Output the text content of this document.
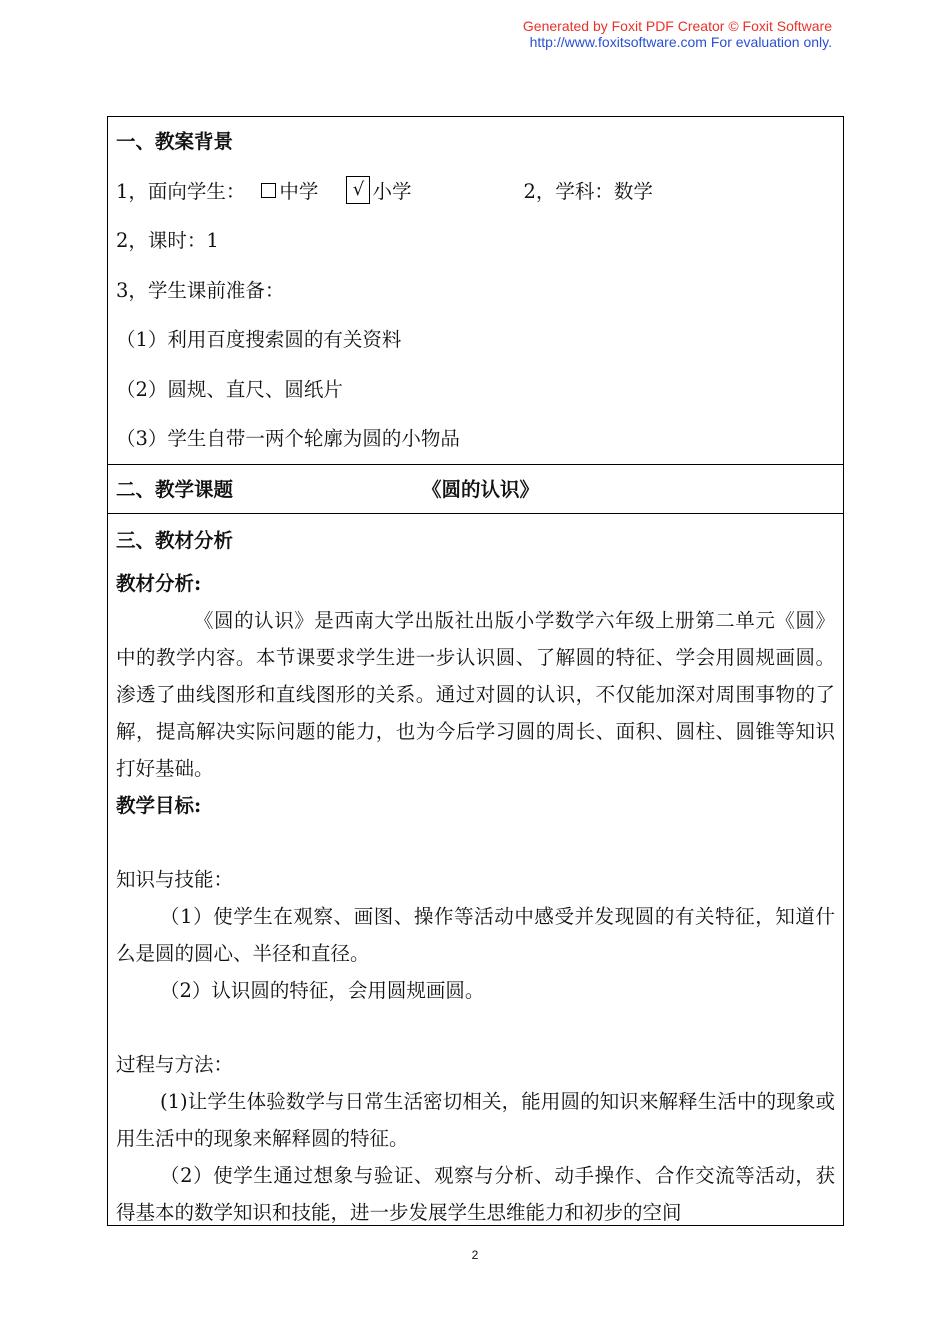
Generated by Foxit PDF Creator © Foxit Software
http://www.foxitsoftware.com For evaluation only.
一、教案背景
1，面向学生： 中学 √ 小学	2，学科：数学
2，课时：1
3，学生课前准备：
（1）利用百度搜索圆的有关资料
（2）圆规、直尺、圆纸片
（3）学生自带一两个轮廓为圆的小物品
二、教学课题	《圆的认识》
三、教材分析
教材分析:
《圆的认识》是西南大学出版社出版小学数学六年级上册第二单元《圆》中的教学内容。本节课要求学生进一步认识圆、了解圆的特征、学会用圆规画圆。渗透了曲线图形和直线图形的关系。通过对圆的认识，不仅能加深对周围事物的了解，提高解决实际问题的能力，也为今后学习圆的周长、面积、圆柱、圆锥等知识打好基础。
教学目标:
知识与技能：
（1）使学生在观察、画图、操作等活动中感受并发现圆的有关特征，知道什么是圆的圆心、半径和直径。
（2）认识圆的特征，会用圆规画圆。
过程与方法：
(1)让学生体验数学与日常生活密切相关，能用圆的知识来解释生活中的现象或用生活中的现象来解释圆的特征。
（2）使学生通过想象与验证、观察与分析、动手操作、合作交流等活动，获得基本的数学知识和技能，进一步发展学生思维能力和初步的空间
2
